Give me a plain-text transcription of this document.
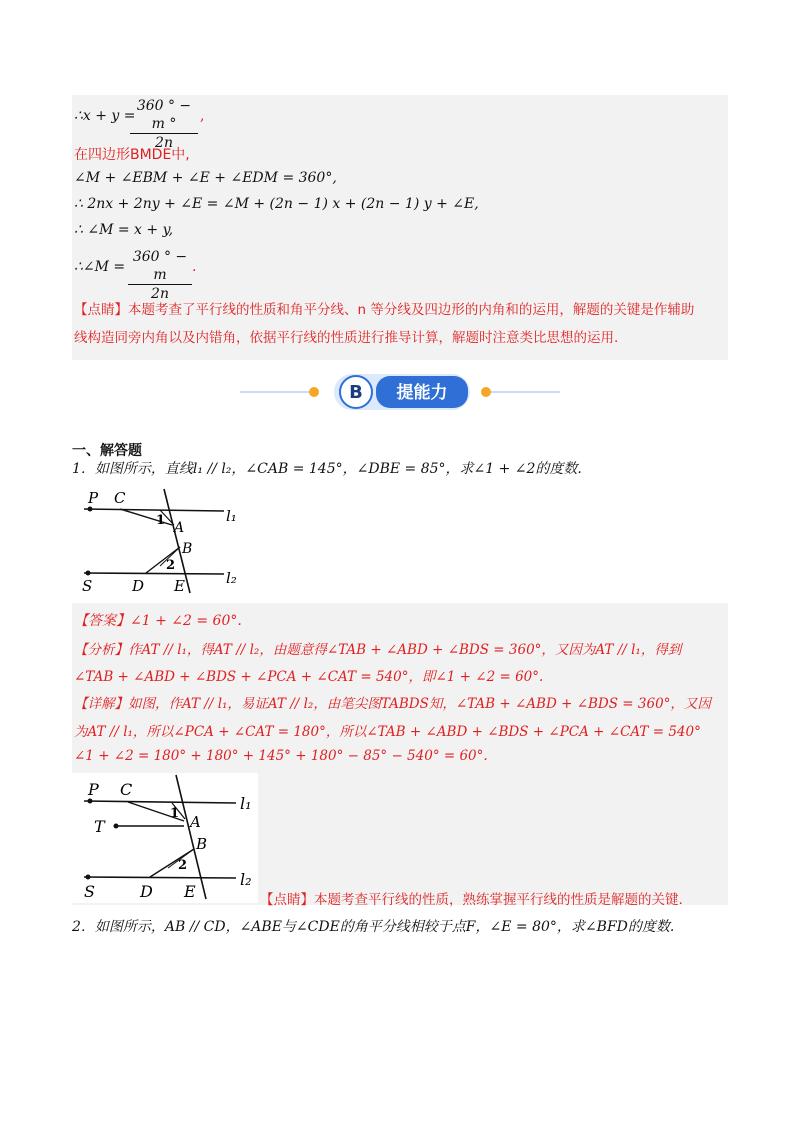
∴x + y =
$\frac{360 ^\circ - m ^\circ}{2n}$ ,
在四边形BMDE中,
∠M + ∠EBM + ∠E + ∠EDM = 360°,
∴ 2nx + 2ny + ∠E = ∠M + (2n − 1) x + (2n − 1) y + ∠E,
∴ ∠M = x + y,
∴∠M = $\frac{360 ^\circ - m}{2n}$ .
【点睛】本题考查了平行线的性质和角平分线、n 等分线及四边形的内角和的运用，解题的关键是作辅助
线构造同旁内角以及内错角，依据平行线的性质进行推导计算，解题时注意类比思想的运用.
B 提能力
一、解答题
1．如图所示，直线l₁ // l₂，∠CAB = 145°，∠DBE = 85°，求∠1 + ∠2的度数.
P C
1 A
B
2
S	D E
l₁
l₂
【答案】∠1 + ∠2 = 60°.
【分析】作AT // l₁，得AT // l₂，由题意得∠TAB + ∠ABD + ∠BDS = 360°，又因为AT // l₁，得到
∠TAB + ∠ABD + ∠BDS + ∠PCA + ∠CAT = 540°，即∠1 + ∠2 = 60°.
【详解】如图，作AT // l₁，易证AT // l₂，由笔尖图TABDS知，∠TAB + ∠ABD + ∠BDS = 360°，又因
为AT // l₁，所以∠PCA + ∠CAT = 180°，所以∠TAB + ∠ABD + ∠BDS + ∠PCA + ∠CAT = 540°
∠1 + ∠2 = 180° + 180° + 145° + 180° − 85° − 540° = 60°.
P C
1
T	A
B
2
S	D E
l₁
l₂
【点睛】本题考查平行线的性质，熟练掌握平行线的性质是解题的关键.
2．如图所示，AB // CD，∠ABE与∠CDE的角平分线相较于点F，∠E = 80°，求∠BFD的度数.
